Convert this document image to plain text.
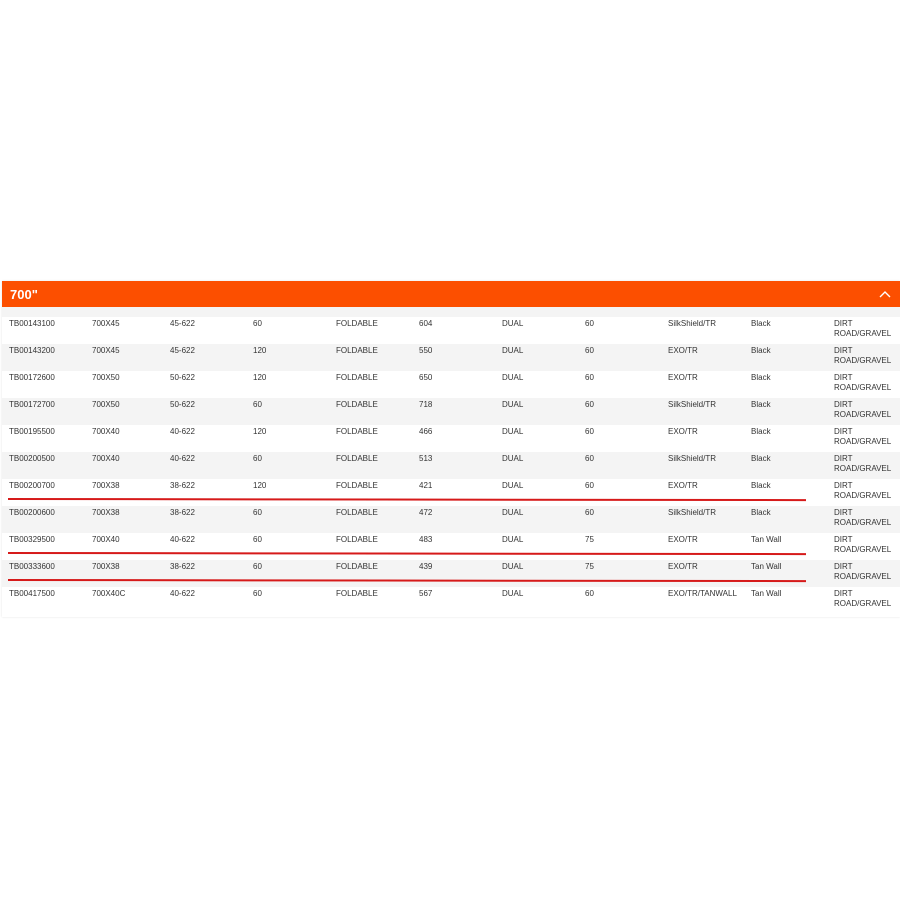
700"
TB00143100	700X45	45-622	60	FOLDABLE	604	DUAL	60	SilkShield/TR	Black	DIRT ROAD/GRAVEL
TB00143200	700X45	45-622	120	FOLDABLE	550	DUAL	60	EXO/TR	Black	DIRT ROAD/GRAVEL
TB00172600	700X50	50-622	120	FOLDABLE	650	DUAL	60	EXO/TR	Black	DIRT ROAD/GRAVEL
TB00172700	700X50	50-622	60	FOLDABLE	718	DUAL	60	SilkShield/TR	Black	DIRT ROAD/GRAVEL
TB00195500	700X40	40-622	120	FOLDABLE	466	DUAL	60	EXO/TR	Black	DIRT ROAD/GRAVEL
TB00200500	700X40	40-622	60	FOLDABLE	513	DUAL	60	SilkShield/TR	Black	DIRT ROAD/GRAVEL
TB00200700	700X38	38-622	120	FOLDABLE	421	DUAL	60	EXO/TR	Black	DIRT ROAD/GRAVEL
TB00200600	700X38	38-622	60	FOLDABLE	472	DUAL	60	SilkShield/TR	Black	DIRT ROAD/GRAVEL
TB00329500	700X40	40-622	60	FOLDABLE	483	DUAL	75	EXO/TR	Tan Wall	DIRT ROAD/GRAVEL
TB00333600	700X38	38-622	60	FOLDABLE	439	DUAL	75	EXO/TR	Tan Wall	DIRT ROAD/GRAVEL
TB00417500	700X40C	40-622	60	FOLDABLE	567	DUAL	60	EXO/TR/TANWALL	Tan Wall	DIRT ROAD/GRAVEL
